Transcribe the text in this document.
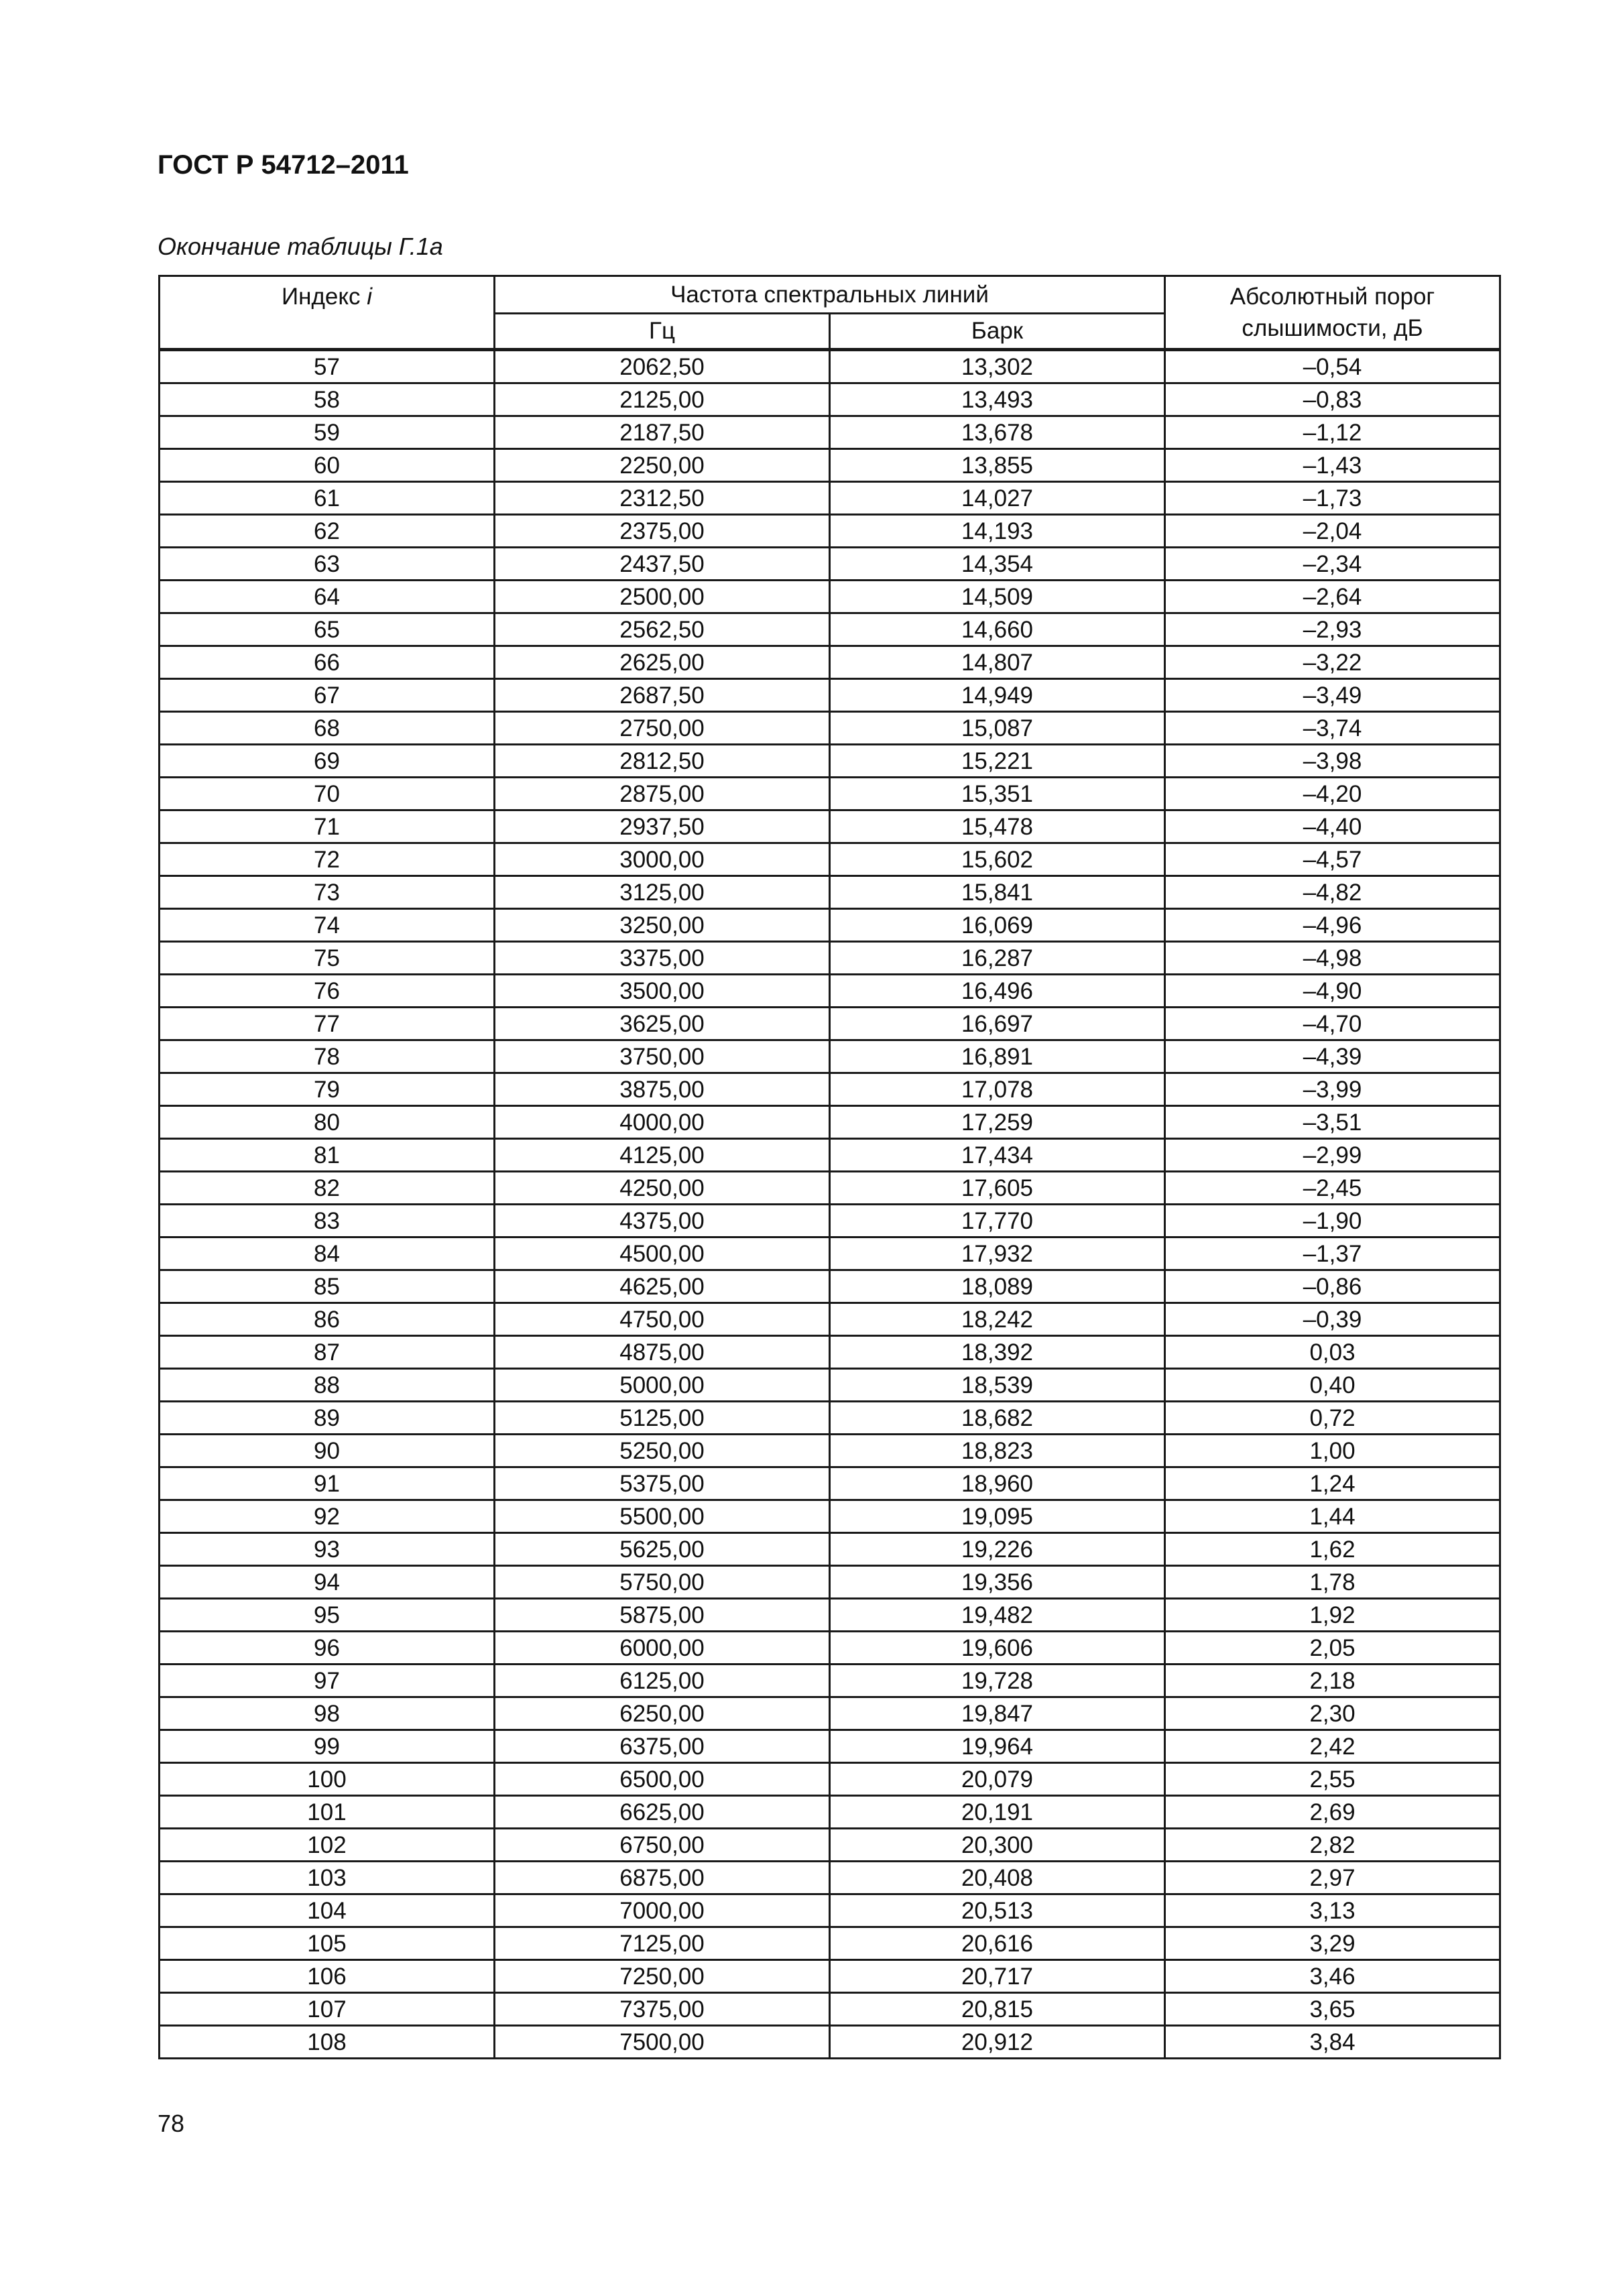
ГОСТ Р 54712–2011
Окончание таблицы Г.1а
Индекс i	Частота спектральных линий		Абсолютный порог слышимости, дБ
	Гц	Барк	
57	2062,50	13,302	–0,54
58	2125,00	13,493	–0,83
59	2187,50	13,678	–1,12
60	2250,00	13,855	–1,43
61	2312,50	14,027	–1,73
62	2375,00	14,193	–2,04
63	2437,50	14,354	–2,34
64	2500,00	14,509	–2,64
65	2562,50	14,660	–2,93
66	2625,00	14,807	–3,22
67	2687,50	14,949	–3,49
68	2750,00	15,087	–3,74
69	2812,50	15,221	–3,98
70	2875,00	15,351	–4,20
71	2937,50	15,478	–4,40
72	3000,00	15,602	–4,57
73	3125,00	15,841	–4,82
74	3250,00	16,069	–4,96
75	3375,00	16,287	–4,98
76	3500,00	16,496	–4,90
77	3625,00	16,697	–4,70
78	3750,00	16,891	–4,39
79	3875,00	17,078	–3,99
80	4000,00	17,259	–3,51
81	4125,00	17,434	–2,99
82	4250,00	17,605	–2,45
83	4375,00	17,770	–1,90
84	4500,00	17,932	–1,37
85	4625,00	18,089	–0,86
86	4750,00	18,242	–0,39
87	4875,00	18,392	0,03
88	5000,00	18,539	0,40
89	5125,00	18,682	0,72
90	5250,00	18,823	1,00
91	5375,00	18,960	1,24
92	5500,00	19,095	1,44
93	5625,00	19,226	1,62
94	5750,00	19,356	1,78
95	5875,00	19,482	1,92
96	6000,00	19,606	2,05
97	6125,00	19,728	2,18
98	6250,00	19,847	2,30
99	6375,00	19,964	2,42
100	6500,00	20,079	2,55
101	6625,00	20,191	2,69
102	6750,00	20,300	2,82
103	6875,00	20,408	2,97
104	7000,00	20,513	3,13
105	7125,00	20,616	3,29
106	7250,00	20,717	3,46
107	7375,00	20,815	3,65
108	7500,00	20,912	3,84
78
